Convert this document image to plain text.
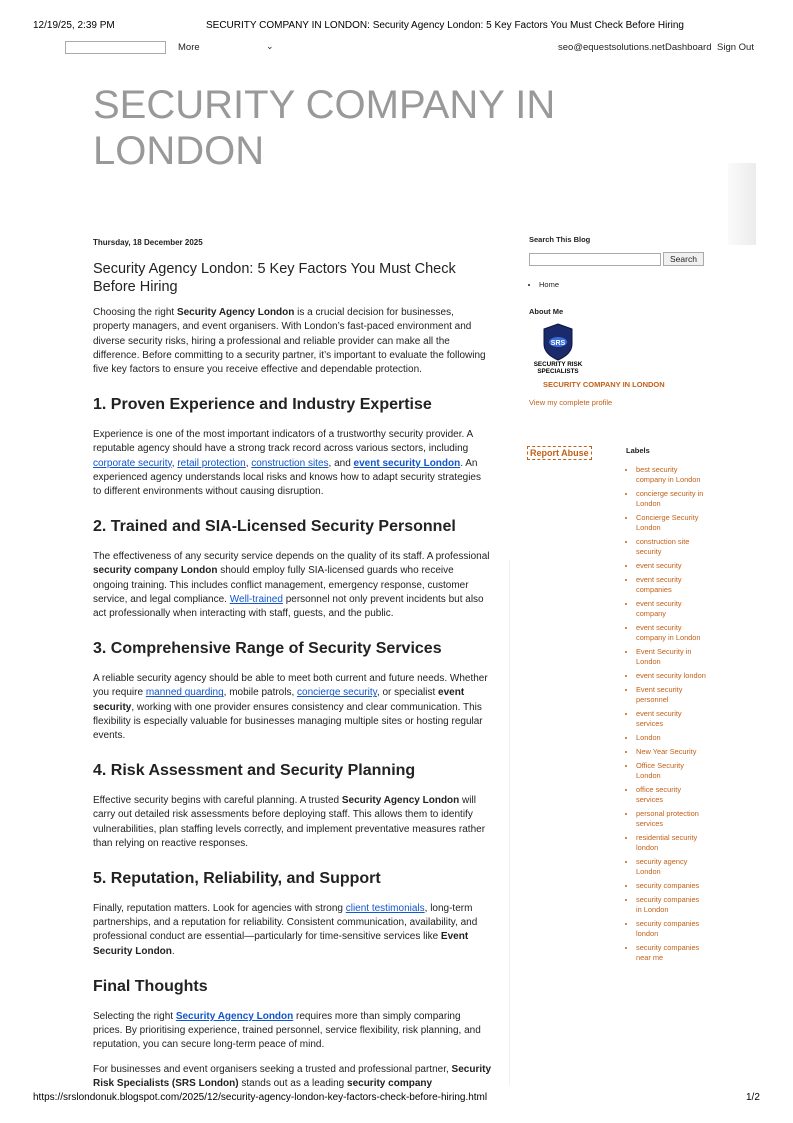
12/19/25, 2:39 PM	SECURITY COMPANY IN LONDON: Security Agency London: 5 Key Factors You Must Check Before Hiring
More	⌄	seo@equestsolutions.net Dashboard Sign Out
SECURITY COMPANY IN LONDON
Thursday, 18 December 2025
Security Agency London: 5 Key Factors You Must Check Before Hiring

Choosing the right Security Agency London is a crucial decision for businesses, property managers, and event organisers. With London’s fast-paced environment and diverse security risks, hiring a professional and reliable provider can make all the difference. Before committing to a security partner, it’s important to evaluate the following five key factors to ensure you receive effective and dependable protection.

1. Proven Experience and Industry Expertise

Experience is one of the most important indicators of a trustworthy security provider. A reputable agency should have a strong track record across various sectors, including corporate security, retail protection, construction sites, and event security London. An experienced agency understands local risks and knows how to adapt security strategies to different environments without causing disruption.

2. Trained and SIA-Licensed Security Personnel

The effectiveness of any security service depends on the quality of its staff. A professional security company London should employ fully SIA-licensed guards who receive ongoing training. This includes conflict management, emergency response, customer service, and legal compliance. Well-trained personnel not only prevent incidents but also act professionally when interacting with staff, guests, and the public.

3. Comprehensive Range of Security Services

A reliable security agency should be able to meet both current and future needs. Whether you require manned guarding, mobile patrols, concierge security, or specialist event security, working with one provider ensures consistency and clear communication. This flexibility is especially valuable for businesses managing multiple sites or hosting regular events.

4. Risk Assessment and Security Planning

Effective security begins with careful planning. A trusted Security Agency London will carry out detailed risk assessments before deploying staff. This allows them to identify vulnerabilities, plan staffing levels correctly, and implement preventative measures rather than relying on reactive responses.

5. Reputation, Reliability, and Support

Finally, reputation matters. Look for agencies with strong client testimonials, long-term partnerships, and a reputation for reliability. Consistent communication, availability, and professional conduct are essential—particularly for time-sensitive services like Event Security London.

Final Thoughts

Selecting the right Security Agency London requires more than simply comparing prices. By prioritising experience, trained personnel, service flexibility, risk planning, and reputation, you can secure long-term peace of mind.

For businesses and event organisers seeking a trusted and professional partner, Security Risk Specialists (SRS London) stands out as a leading security company

Search This Blog
Search
• Home
About Me
SRS
SECURITY RISK
SPECIALISTS
SECURITY COMPANY IN LONDON
View my complete profile
Report Abuse	Labels
• best security company in London
• concierge security in London
• Concierge Security London
• construction site security
• event security
• event security companies
• event security company
• event security company in London
• Event Security in London
• event security london
• Event security personnel
• event security services
• London
• New Year Security
• Office Security London
• office security services
• personal protection services
• residential security london
• security agency London
• security companies
• security companies in London
• security companies london
• security companies near me
https://srslondonuk.blogspot.com/2025/12/security-agency-london-key-factors-check-before-hiring.html	1/2
